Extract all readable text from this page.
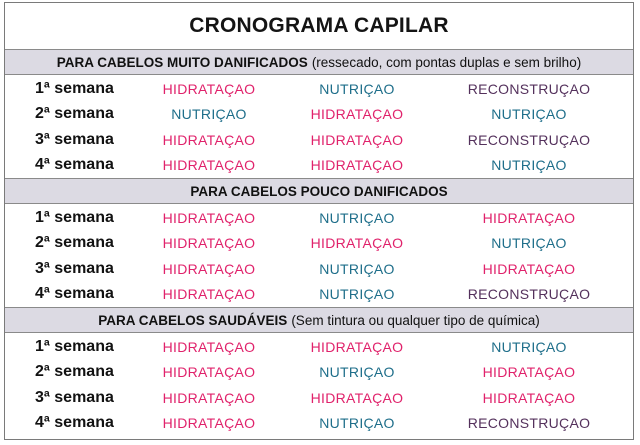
CRONOGRAMA CAPILAR
PARA CABELOS MUITO DANIFICADOS (ressecado, com pontas duplas e sem brilho)
1ª semana	HIDRATAÇAO	NUTRIÇAO	RECONSTRUÇAO
2ª semana	NUTRIÇAO	HIDRATAÇAO	NUTRIÇAO
3ª semana	HIDRATAÇAO	HIDRATAÇAO	RECONSTRUÇAO
4ª semana	HIDRATAÇAO	HIDRATAÇAO	NUTRIÇAO
PARA CABELOS POUCO DANIFICADOS
1ª semana	HIDRATAÇAO	NUTRIÇAO	HIDRATAÇAO
2ª semana	HIDRATAÇAO	HIDRATAÇAO	NUTRIÇAO
3ª semana	HIDRATAÇAO	NUTRIÇAO	HIDRATAÇAO
4ª semana	HIDRATAÇAO	NUTRIÇAO	RECONSTRUÇAO
PARA CABELOS SAUDÁVEIS (Sem tintura ou qualquer tipo de química)
1ª semana	HIDRATAÇAO	HIDRATAÇAO	NUTRIÇAO
2ª semana	HIDRATAÇAO	NUTRIÇAO	HIDRATAÇAO
3ª semana	HIDRATAÇAO	HIDRATAÇAO	HIDRATAÇAO
4ª semana	HIDRATAÇAO	NUTRIÇAO	RECONSTRUÇAO
